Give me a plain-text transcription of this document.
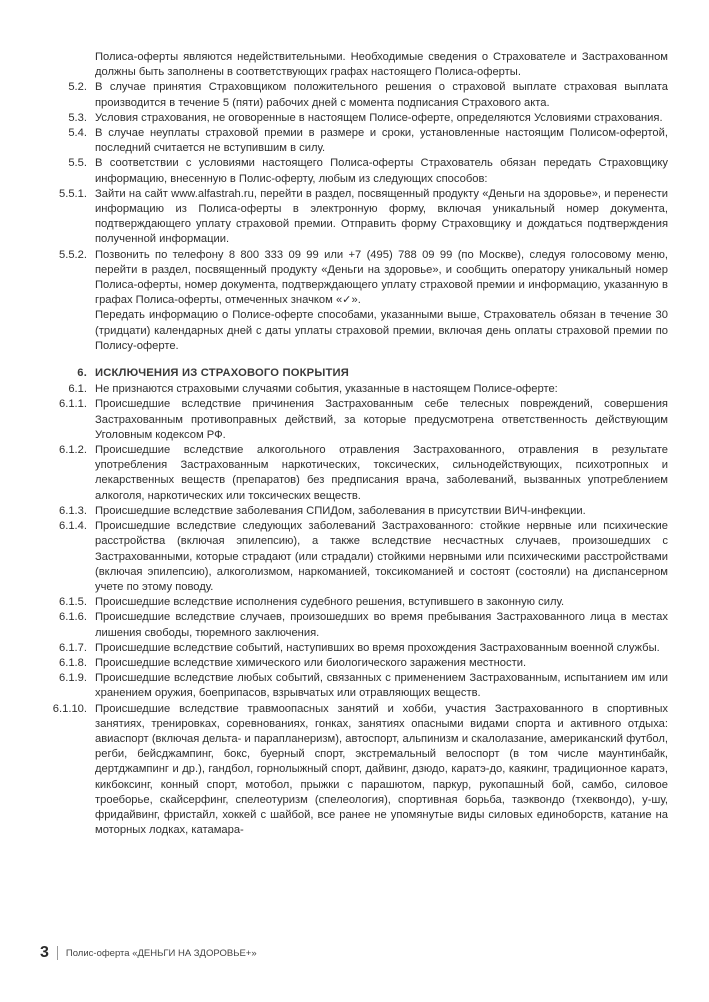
Полиса-оферты являются недействительными. Необходимые сведения о Страхователе и Застрахованном должны быть заполнены в соответствующих графах настоящего Полиса-оферты.
5.2. В случае принятия Страховщиком положительного решения о страховой выплате страховая выплата производится в течение 5 (пяти) рабочих дней с момента подписания Страхового акта.
5.3. Условия страхования, не оговоренные в настоящем Полисе-оферте, определяются Условиями страхования.
5.4. В случае неуплаты страховой премии в размере и сроки, установленные настоящим Полисом-офертой, последний считается не вступившим в силу.
5.5. В соответствии с условиями настоящего Полиса-оферты Страхователь обязан передать Страховщику информацию, внесенную в Полис-оферту, любым из следующих способов:
5.5.1. Зайти на сайт www.alfastrah.ru, перейти в раздел, посвященный продукту «Деньги на здоровье», и перенести информацию из Полиса-оферты в электронную форму, включая уникальный номер документа, подтверждающего уплату страховой премии. Отправить форму Страховщику и дождаться подтверждения полученной информации.
5.5.2. Позвонить по телефону 8 800 333 09 99 или +7 (495) 788 09 99 (по Москве), следуя голосовому меню, перейти в раздел, посвященный продукту «Деньги на здоровье», и сообщить оператору уникальный номер Полиса-оферты, номер документа, подтверждающего уплату страховой премии и информацию, указанную в графах Полиса-оферты, отмеченных значком «✓».
Передать информацию о Полисе-оферте способами, указанными выше, Страхователь обязан в течение 30 (тридцати) календарных дней с даты уплаты страховой премии, включая день оплаты страховой премии по Полису-оферте.
6. ИСКЛЮЧЕНИЯ ИЗ СТРАХОВОГО ПОКРЫТИЯ
6.1. Не признаются страховыми случаями события, указанные в настоящем Полисе-оферте:
6.1.1. Происшедшие вследствие причинения Застрахованным себе телесных повреждений, совершения Застрахованным противоправных действий, за которые предусмотрена ответственность действующим Уголовным кодексом РФ.
6.1.2. Происшедшие вследствие алкогольного отравления Застрахованного, отравления в результате употребления Застрахованным наркотических, токсических, сильнодействующих, психотропных и лекарственных веществ (препаратов) без предписания врача, заболеваний, вызванных употреблением алкоголя, наркотических или токсических веществ.
6.1.3. Происшедшие вследствие заболевания СПИДом, заболевания в присутствии ВИЧ-инфекции.
6.1.4. Происшедшие вследствие следующих заболеваний Застрахованного: стойкие нервные или психические расстройства (включая эпилепсию), а также вследствие несчастных случаев, произошедших с Застрахованными, которые страдают (или страдали) стойкими нервными или психическими расстройствами (включая эпилепсию), алкоголизмом, наркоманией, токсикоманией и состоят (состояли) на диспансерном учете по этому поводу.
6.1.5. Происшедшие вследствие исполнения судебного решения, вступившего в законную силу.
6.1.6. Происшедшие вследствие случаев, произошедших во время пребывания Застрахованного лица в местах лишения свободы, тюремного заключения.
6.1.7. Происшедшие вследствие событий, наступивших во время прохождения Застрахованным военной службы.
6.1.8. Происшедшие вследствие химического или биологического заражения местности.
6.1.9. Происшедшие вследствие любых событий, связанных с применением Застрахованным, испытанием им или хранением оружия, боеприпасов, взрывчатых или отравляющих веществ.
6.1.10. Происшедшие вследствие травмоопасных занятий и хобби, участия Застрахованного в спортивных занятиях, тренировках, соревнованиях, гонках, занятиях опасными видами спорта и активного отдыха: авиаспорт (включая дельта- и парапланеризм), автоспорт, альпинизм и скалолазание, американский футбол, регби, бейсджампинг, бокс, буерный спорт, экстремальный велоспорт (в том числе маунтинбайк, дертджампинг и др.), гандбол, горнолыжный спорт, дайвинг, дзюдо, каратэ-до, каякинг, традиционное каратэ, кикбоксинг, конный спорт, мотобол, прыжки с парашютом, паркур, рукопашный бой, самбо, силовое троеборье, скайсерфинг, спелеотуризм (спелеология), спортивная борьба, таэквондо (тхеквондо), у-шу, фридайвинг, фристайл, хоккей с шайбой, все ранее не упомянутые виды силовых единоборств, катание на моторных лодках, катамара-
3 Полис-оферта «ДЕНЬГИ НА ЗДОРОВЬЕ+»
